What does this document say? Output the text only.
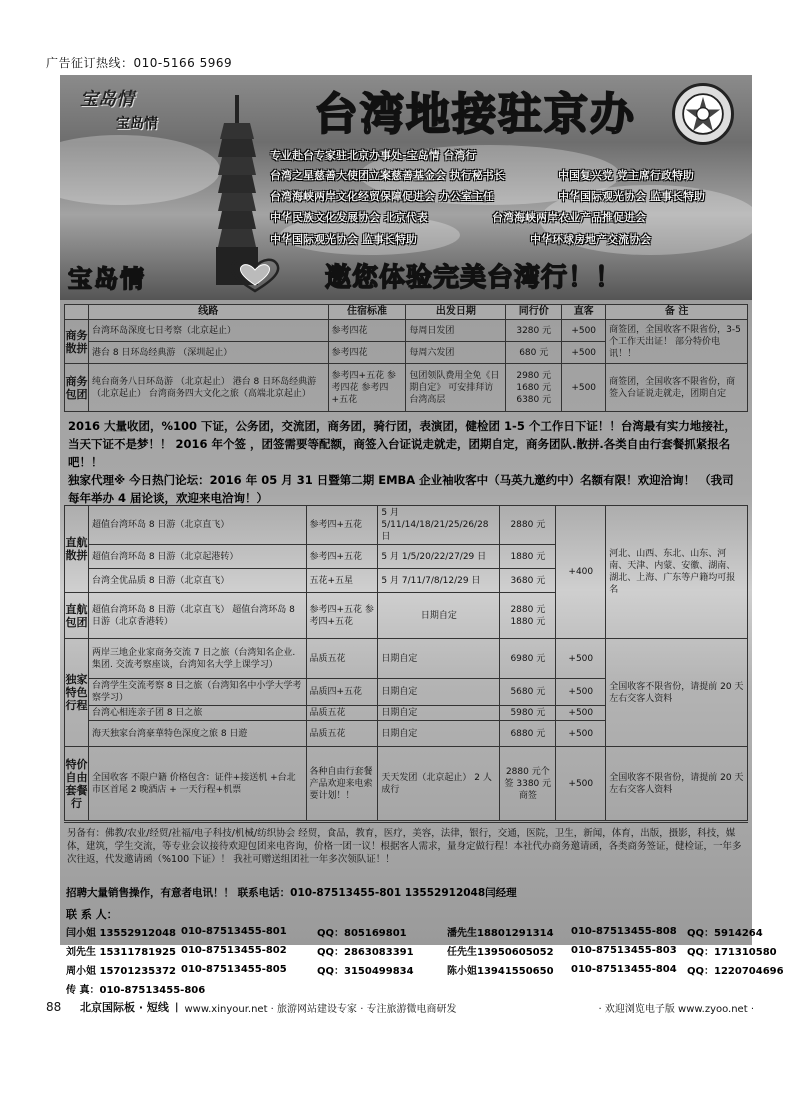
广告征订热线：010-5166 5969
宝岛情
宝岛情	台湾地接驻京办
专业赴台专家驻北京办事处-宝岛情 台湾行
台湾之星慈善大使团立案慈善基金会 执行秘书长	中国复兴党 党主席行政特助
台湾海峡两岸文化经贸保障促进会 办公室主任	中华国际观光协会 监事长特助
中华民族文化发展协会 北京代表	台湾海峡两岸农业产品推促进会
中华国际观光协会 监事长特助	中华环球房地产交流协会
宝岛情	邀您体验完美台湾行！！
	线路	住宿标准	出发日期	同行价	直客	备 注
商务散拼	台湾环岛深度七日考察（北京起止）	参考四花	每周日发团	3280 元	+500	商签团，全国收客不限省份，3-5 个工作天出证！ 部分特价电讯！！
	港台 8 日环岛经典游 （深圳起止）	参考四花	每周六发团	680 元	+500	
商务包团	纯台商务八日环岛游 （北京起止） 港台 8 日环岛经典游（北京起止） 台湾商务四大文化之旅（高端北京起止）	参考四+五花 参考四花 参考四+五花	包团领队费用全免《日期自定》 可安排拜访台湾高层	2980 元 1680 元 6380 元	+500	商签团，全国收客不限省份，商签入台证说走就走，团期自定
2016 大量收团，%100 下证，公务团，交流团，商务团，骑行团，表演团，健检团 1-5 个工作日下证！！台湾最有实力地接社，当天下证不是梦！！ 2016 年个签 ，团签需要等配额，商签入台证说走就走，团期自定，商务团队.散拼.各类自由行套餐抓紧报名吧！！
独家代理※ 今日热门论坛：2016 年 05 月 31 日暨第二期 EMBA 企业袖收客中（马英九邀约中）名额有限！欢迎洽询！ （我司每年举办 4 届论谈，欢迎来电洽询！）
直航散拼	超值台湾环岛 8 日游（北京直飞）	参考四+五花	5 月 5/11/14/18/21/25/26/28 日	2880 元	+400	河北、山西、东北、山东、河南、天津、内蒙、安徽、湖南、湖北、上海、广东等户籍均可报名
	超值台湾环岛 8 日游（北京起港转）	参考四+五花	5 月 1/5/20/22/27/29 日	1880 元		
	台湾全优品质 8 日游（北京直飞）	五花+五星	5 月 7/11/7/8/12/29 日	3680 元		
直航包团	超值台湾环岛 8 日游（北京直飞） 超值台湾环岛 8 日游（北京香港转）	参考四+五花 参考四+五花	日期自定	2880 元 1880 元		
独家特色行程	两岸三地企业家商务交流 7 日之旅（台湾知名企业. 集团. 交流考察座谈，台湾知名大学上课学习）	品质五花	日期自定	6980 元	+500	全国收客不限省份，请提前 20 天左右交客人资料
	台湾学生交流考察 8 日之旅（台湾知名中小学大学考察学习）	品质四+五花	日期自定	5680 元	+500	
	台湾心相连亲子团 8 日之旅	品质五花	日期自定	5980 元	+500	
	海天独家台湾豪華特色深度之旅 8 日遊	品质五花	日期自定	6880 元	+500	
特价自由套餐行	全国收客 不限户籍 价格包含：证件+接送机 +台北市区首尾 2 晚酒店 + 一天行程+机票	各种自由行套餐产品欢迎来电索要计划！！	天天发团（北京起止） 2 人成行	2880 元个签 3380 元商签	+500	全国收客不限省份，请提前 20 天左右交客人资料
另备有：佛教/农业/经贸/社福/电子科技/机械/纺织协会 经贸，食品，教育，医疗，美容，法律，银行，交通，医院，卫生，新闻，体育，出版，摄影，科技，媒体，建筑，学生交流，等专业会议接待欢迎包团来电咨询，价格一团一议！根据客人需求，量身定做行程！本社代办商务邀请函，各类商务签证，健检证，一年多次往返，代发邀请函（%100 下证）！ 我社可赠送组团社一年多次领队证！！
招聘大量销售操作，有意者电讯！！ 联系电话：010-87513455-801 13552912048闫经理
联 系 人：
闫小姐 13552912048 010-87513455-801	QQ：805169801	潘先生18801291314	010-87513455-808	QQ：5914264
刘先生 15311781925 010-87513455-802	QQ：2863083391	任先生13950605052	010-87513455-803	QQ：171310580
周小姐 15701235372 010-87513455-805	QQ：3150499834	陈小姐13941550650	010-87513455-804	QQ：1220704696
传 真：010-87513455-806
88	北京国际板 · 短线 | www.xinyour.net · 旅游网站建设专家 · 专注旅游微电商研发	· 欢迎浏览电子版 www.zyoo.net ·
